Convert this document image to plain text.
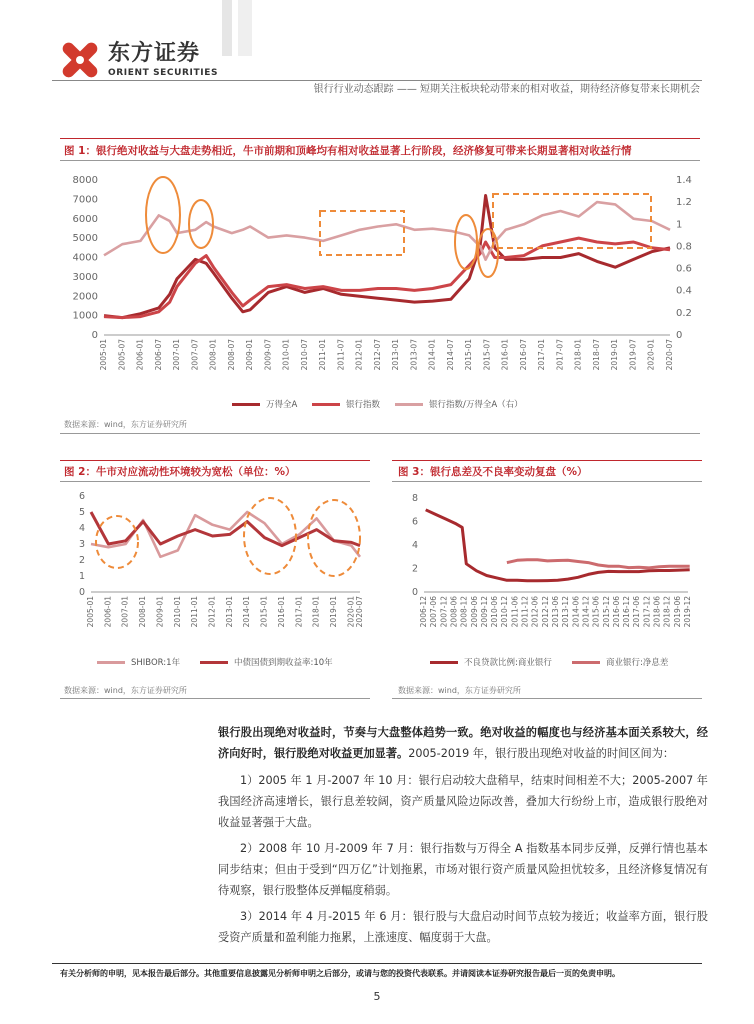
东方证券
ORIENT SECURITIES
银行行业动态跟踪 —— 短期关注板块轮动带来的相对收益，期待经济修复带来长期机会
图 1：银行绝对收益与大盘走势相近，牛市前期和顶峰均有相对收益显著上行阶段，经济修复可带来长期显著相对收益行情
0
1000
2000
3000
4000
5000
6000
7000
8000
0
0.2
0.4
0.6
0.8
1
1.2
1.4
2005-01 2005-07 2006-01 2006-07 2007-01 2007-07 2008-01 2008-07 2009-01 2009-07 2010-01 2010-07 2011-01 2011-07 2012-01 2012-07 2013-01 2013-07 2014-01 2014-07 2015-01 2015-07 2016-01 2016-07 2017-01 2017-07 2018-01 2018-07 2019-01 2019-07 2020-01 2020-07
万得全A	银行指数	银行指数/万得全A（右）
数据来源：wind，东方证券研究所
图 2：牛市对应流动性环境较为宽松（单位：%）
0
1
2
3
4
5
6
2005-01 2006-01 2007-01 2008-01 2009-01 2010-01 2011-01 2012-01 2013-01 2014-01 2015-01 2016-01 2017-01 2018-01 2019-01 2020-01 2020-07
SHIBOR:1年	中债国债到期收益率:10年
数据来源：wind，东方证券研究所
图 3：银行息差及不良率变动复盘（%）
0
2
4
6
8
2006-12 2007-06 2007-12 2008-06 2008-12 2009-06 2009-12 2010-06 2010-12 2011-06 2011-12 2012-06 2012-12 2013-06 2013-12 2014-06 2014-12 2015-06 2015-12 2016-06 2016-12 2017-06 2017-12 2018-06 2018-12 2019-06 2019-12
不良贷款比例:商业银行	商业银行:净息差
数据来源：wind，东方证券研究所
银行股出现绝对收益时，节奏与大盘整体趋势一致。绝对收益的幅度也与经济基本面关系较大，经济向好时，银行股绝对收益更加显著。2005-2019 年，银行股出现绝对收益的时间区间为：
1）2005 年 1 月-2007 年 10 月：银行启动较大盘稍早，结束时间相差不大；2005-2007 年我国经济高速增长，银行息差较阔，资产质量风险边际改善，叠加大行纷纷上市，造成银行股绝对收益显著强于大盘。
2）2008 年 10 月-2009 年 7 月：银行指数与万得全 A 指数基本同步反弹，反弹行情也基本同步结束；但由于受到“四万亿”计划拖累，市场对银行资产质量风险担忧较多，且经济修复情况有待观察，银行股整体反弹幅度稍弱。
3）2014 年 4 月-2015 年 6 月：银行股与大盘启动时间节点较为接近；收益率方面，银行股受资产质量和盈利能力拖累，上涨速度、幅度弱于大盘。
有关分析师的申明，见本报告最后部分。其他重要信息披露见分析师申明之后部分，或请与您的投资代表联系。并请阅读本证券研究报告最后一页的免责申明。
5
